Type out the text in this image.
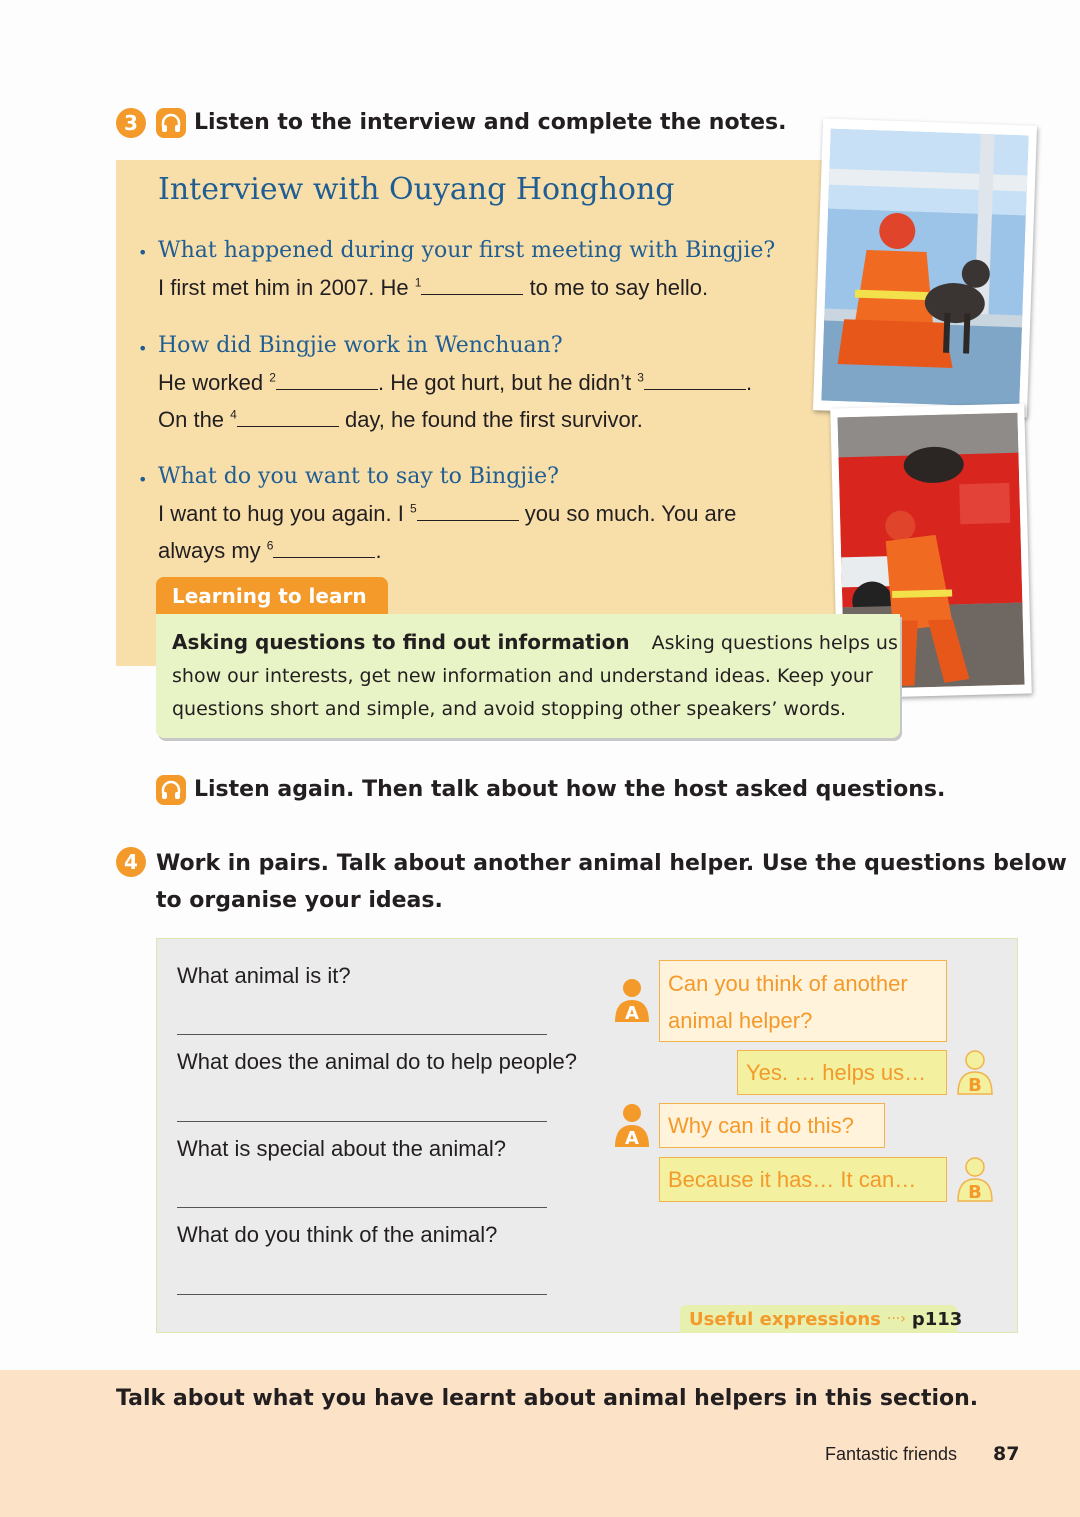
3	Listen to the interview and complete the notes.
Interview with Ouyang Honghong
• What happened during your first meeting with Bingjie?
I first met him in 2007. He $^1$	to me to say hello.
• How did Bingjie work in Wenchuan?
He worked $^2$	. He got hurt, but he didn’t $^3$	.
On the $^4$	day, he found the first survivor.
• What do you want to say to Bingjie?
I want to hug you again. I $^5$	you so much. You are
always my $^6$	.
Learning to learn
Asking questions to find out information Asking questions helps us
show our interests, get new information and understand ideas. Keep your
questions short and simple, and avoid stopping other speakers’ words.
Listen again. Then talk about how the host asked questions.
4 Work in pairs. Talk about another animal helper. Use the questions below
to organise your ideas.
What animal is it?
What does the animal do to help people?
What is special about the animal?
What do you think of the animal?
A
Can you think of another
animal helper?
Yes. … helps us…
B
A
Why can it do this?
Because it has… It can…
B
Useful expressions ···› p113
Talk about what you have learnt about animal helpers in this section.
Fantastic friends 87
